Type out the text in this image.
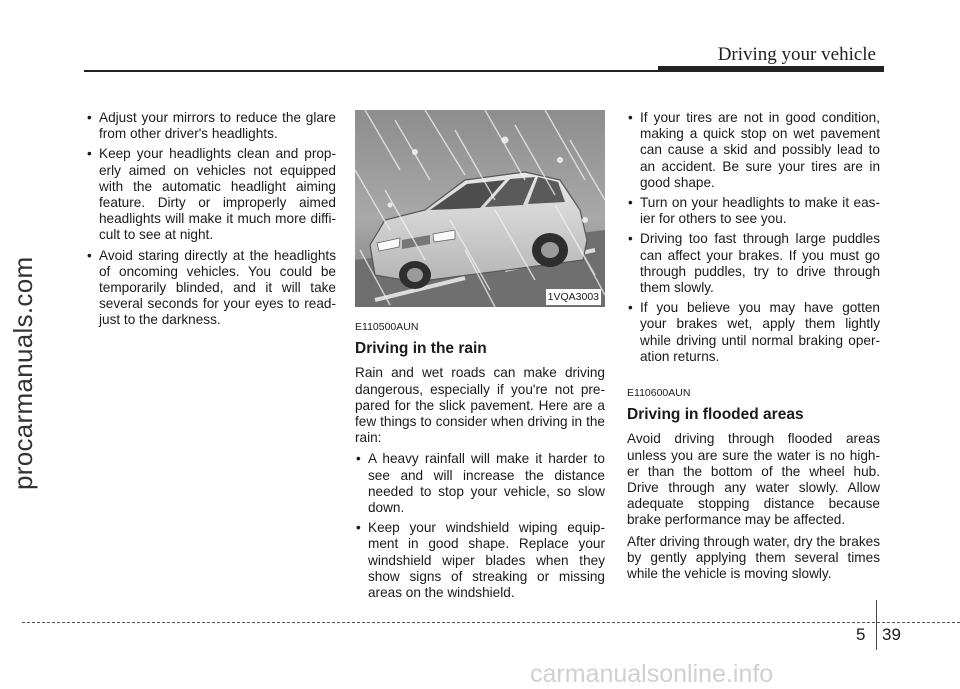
Driving your vehicle
procarmanuals.com
• Adjust your mirrors to reduce the glare from other driver's headlights.
• Keep your headlights clean and prop-erly aimed on vehicles not equipped with the automatic headlight aiming feature. Dirty or improperly aimed headlights will make it much more diffi-cult to see at night.
• Avoid staring directly at the headlights of oncoming vehicles. You could be temporarily blinded, and it will take several seconds for your eyes to read-just to the darkness.
1VQA3003
E110500AUN
Driving in the rain

Rain and wet roads can make driving dangerous, especially if you're not pre-pared for the slick pavement. Here are a few things to consider when driving in the rain:

• A heavy rainfall will make it harder to see and will increase the distance needed to stop your vehicle, so slow down.
• Keep your windshield wiping equip-ment in good shape. Replace your windshield wiper blades when they show signs of streaking or missing areas on the windshield.
• If your tires are not in good condition, making a quick stop on wet pavement can cause a skid and possibly lead to an accident. Be sure your tires are in good shape.
• Turn on your headlights to make it eas-ier for others to see you.
• Driving too fast through large puddles can affect your brakes. If you must go through puddles, try to drive through them slowly.
• If you believe you may have gotten your brakes wet, apply them lightly while driving until normal braking oper-ation returns.
E110600AUN
Driving in flooded areas

Avoid driving through flooded areas unless you are sure the water is no high-er than the bottom of the wheel hub. Drive through any water slowly. Allow adequate stopping distance because brake performance may be affected.

After driving through water, dry the brakes by gently applying them several times while the vehicle is moving slowly.

5 39
carmanualsonline.info
